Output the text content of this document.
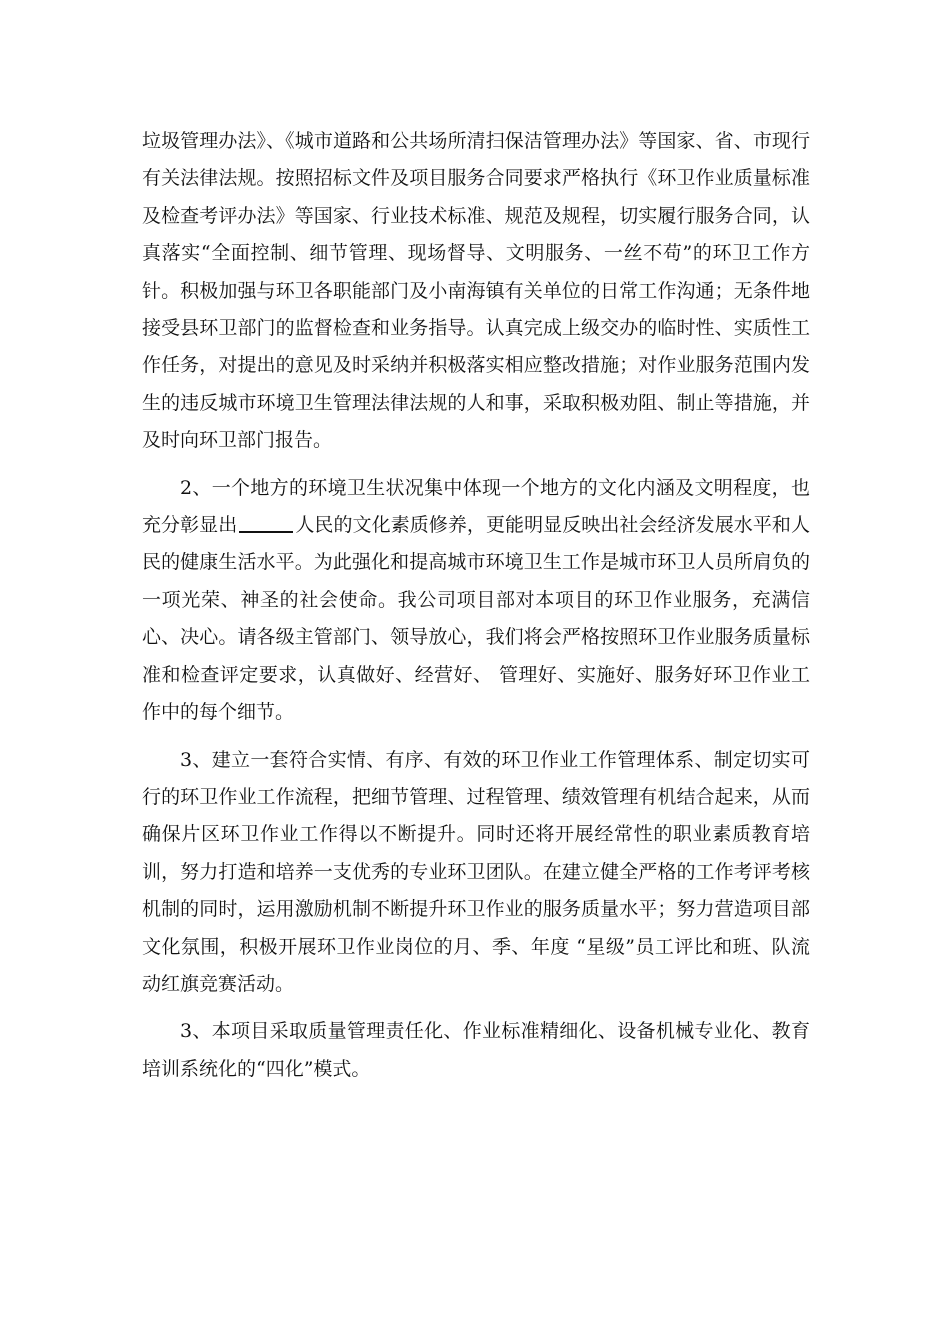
垃圾管理办法》、《城市道路和公共场所清扫保洁管理办法》等国家、省、市现行有关法律法规。按照招标文件及项目服务合同要求严格执行《环卫作业质量标准及检查考评办法》等国家、行业技术标准、规范及规程，切实履行服务合同，认真落实“全面控制、细节管理、现场督导、文明服务、一丝不苟”的环卫工作方针。积极加强与环卫各职能部门及小南海镇有关单位的日常工作沟通；无条件地接受县环卫部门的监督检查和业务指导。认真完成上级交办的临时性、实质性工作任务，对提出的意见及时采纳并积极落实相应整改措施；对作业服务范围内发生的违反城市环境卫生管理法律法规的人和事，采取积极劝阻、制止等措施，并及时向环卫部门报告。

2、一个地方的环境卫生状况集中体现一个地方的文化内涵及文明程度，也充分彰显出	人民的文化素质修养，更能明显反映出社会经济发展水平和人民的健康生活水平。为此强化和提高城市环境卫生工作是城市环卫人员所肩负的一项光荣、神圣的社会使命。我公司项目部对本项目的环卫作业服务，充满信心、决心。请各级主管部门、领导放心，我们将会严格按照环卫作业服务质量标准和检查评定要求，认真做好、经营好、 管理好、实施好、服务好环卫作业工作中的每个细节。

3、建立一套符合实情、有序、有效的环卫作业工作管理体系、制定切实可行的环卫作业工作流程，把细节管理、过程管理、绩效管理有机结合起来，从而确保片区环卫作业工作得以不断提升。同时还将开展经常性的职业素质教育培训，努力打造和培养一支优秀的专业环卫团队。在建立健全严格的工作考评考核机制的同时，运用激励机制不断提升环卫作业的服务质量水平；努力营造项目部文化氛围，积极开展环卫作业岗位的月、季、年度 “星级”员工评比和班、队流动红旗竞赛活动。

3、本项目采取质量管理责任化、作业标准精细化、设备机械专业化、教育培训系统化的“四化”模式。
